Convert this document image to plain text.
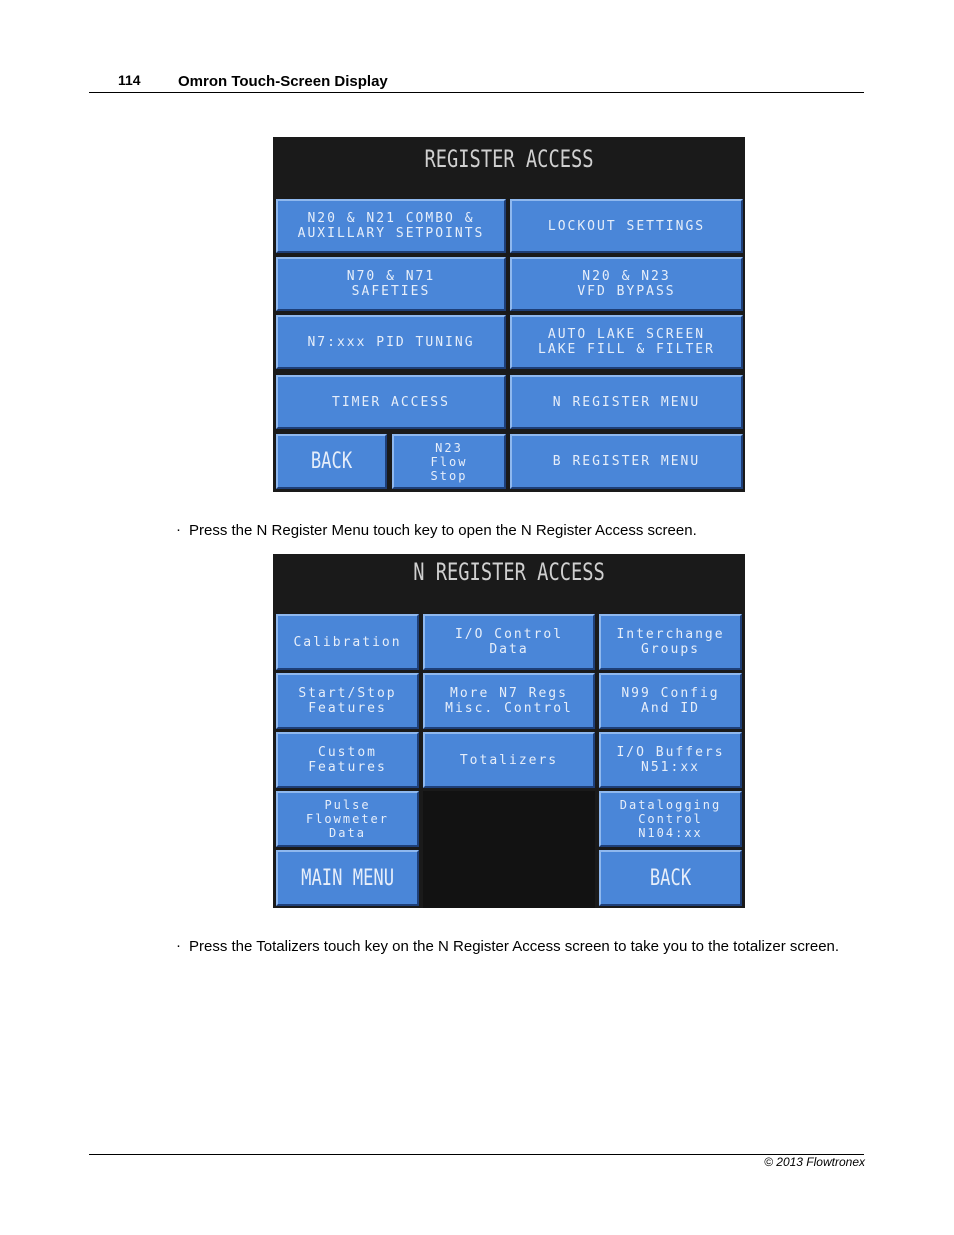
114 Omron Touch-Screen Display
REGISTER ACCESS
N20 & N21 COMBO &
AUXILLARY SETPOINTS	LOCKOUT SETTINGS
N70 & N71
SAFETIES
N20 & N23
VFD BYPASS
N7:xxx PID TUNING	AUTO LAKE SCREEN
LAKE FILL & FILTER
TIMER ACCESS	N REGISTER MENU
BACK
N23
Flow
Stop
B REGISTER MENU
· Press the N Register Menu touch key to open the N Register Access screen.
N REGISTER ACCESS
Calibration	I/O Control
Data
Interchange
Groups
Start/Stop
Features
More N7 Regs
Misc. Control
N99 Config
And ID
Custom
Features	Totalizers	I/O Buffers
N51:xx
Pulse
Flowmeter
Data
Datalogging
Control
N104:xx
MAIN MENU	BACK
· Press the Totalizers touch key on the N Register Access screen to take you to the totalizer screen.
© 2013 Flowtronex
